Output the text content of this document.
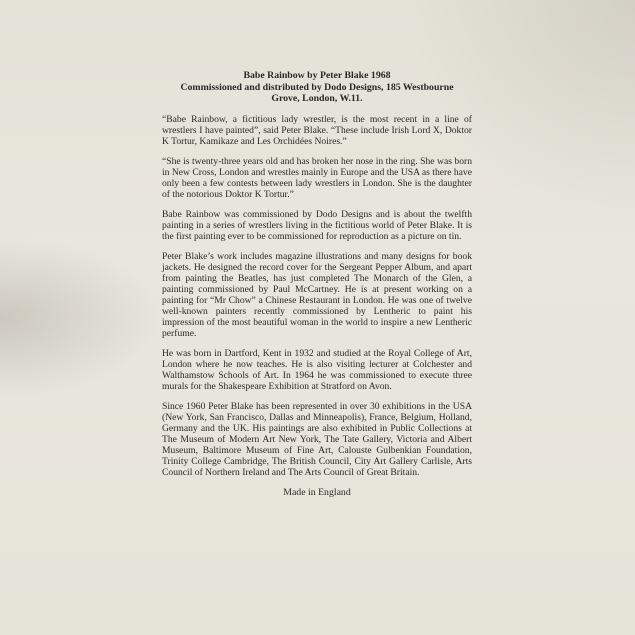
Babe Rainbow by Peter Blake 1968
Commissioned and distributed by Dodo Designs, 185 Westbourne
Grove, London, W.11.

“Babe Rainbow, a fictitious lady wrestler, is the most recent in a line of wrestlers I have painted”, said Peter Blake. “These include Irish Lord X, Doktor K Tortur, Kamikaze and Les Orchidées Noires.”

“She is twenty-three years old and has broken her nose in the ring. She was born in New Cross, London and wrestles mainly in Europe and the USA as there have only been a few contests between lady wrestlers in London. She is the daughter of the notorious Doktor K Tortur.”

Babe Rainbow was commissioned by Dodo Designs and is about the twelfth painting in a series of wrestlers living in the fictitious world of Peter Blake. It is the first painting ever to be commissioned for reproduction as a picture on tin.

Peter Blake’s work includes magazine illustrations and many designs for book jackets. He designed the record cover for the Sergeant Pepper Album, and apart from painting the Beatles, has just completed The Monarch of the Glen, a painting commissioned by Paul McCartney. He is at present working on a painting for “Mr Chow” a Chinese Restaurant in London. He was one of twelve well-known painters recently commissioned by Lentheric to paint his impression of the most beautiful woman in the world to inspire a new Lentheric perfume.

He was born in Dartford, Kent in 1932 and studied at the Royal College of Art, London where he now teaches. He is also visiting lecturer at Colchester and Walthamstow Schools of Art. In 1964 he was commissioned to execute three murals for the Shakespeare Exhibition at Stratford on Avon.

Since 1960 Peter Blake has been represented in over 30 exhibitions in the USA (New York, San Francisco, Dallas and Minneapolis), France, Belgium, Holland, Germany and the UK. His paintings are also exhibited in Public Collections at The Museum of Modern Art New York, The Tate Gallery, Victoria and Albert Museum, Baltimore Museum of Fine Art, Calouste Gulbenkian Foundation, Trinity College Cambridge, The British Council, City Art Gallery Carlisle, Arts Council of Northern Ireland and The Arts Council of Great Britain.

Made in England
